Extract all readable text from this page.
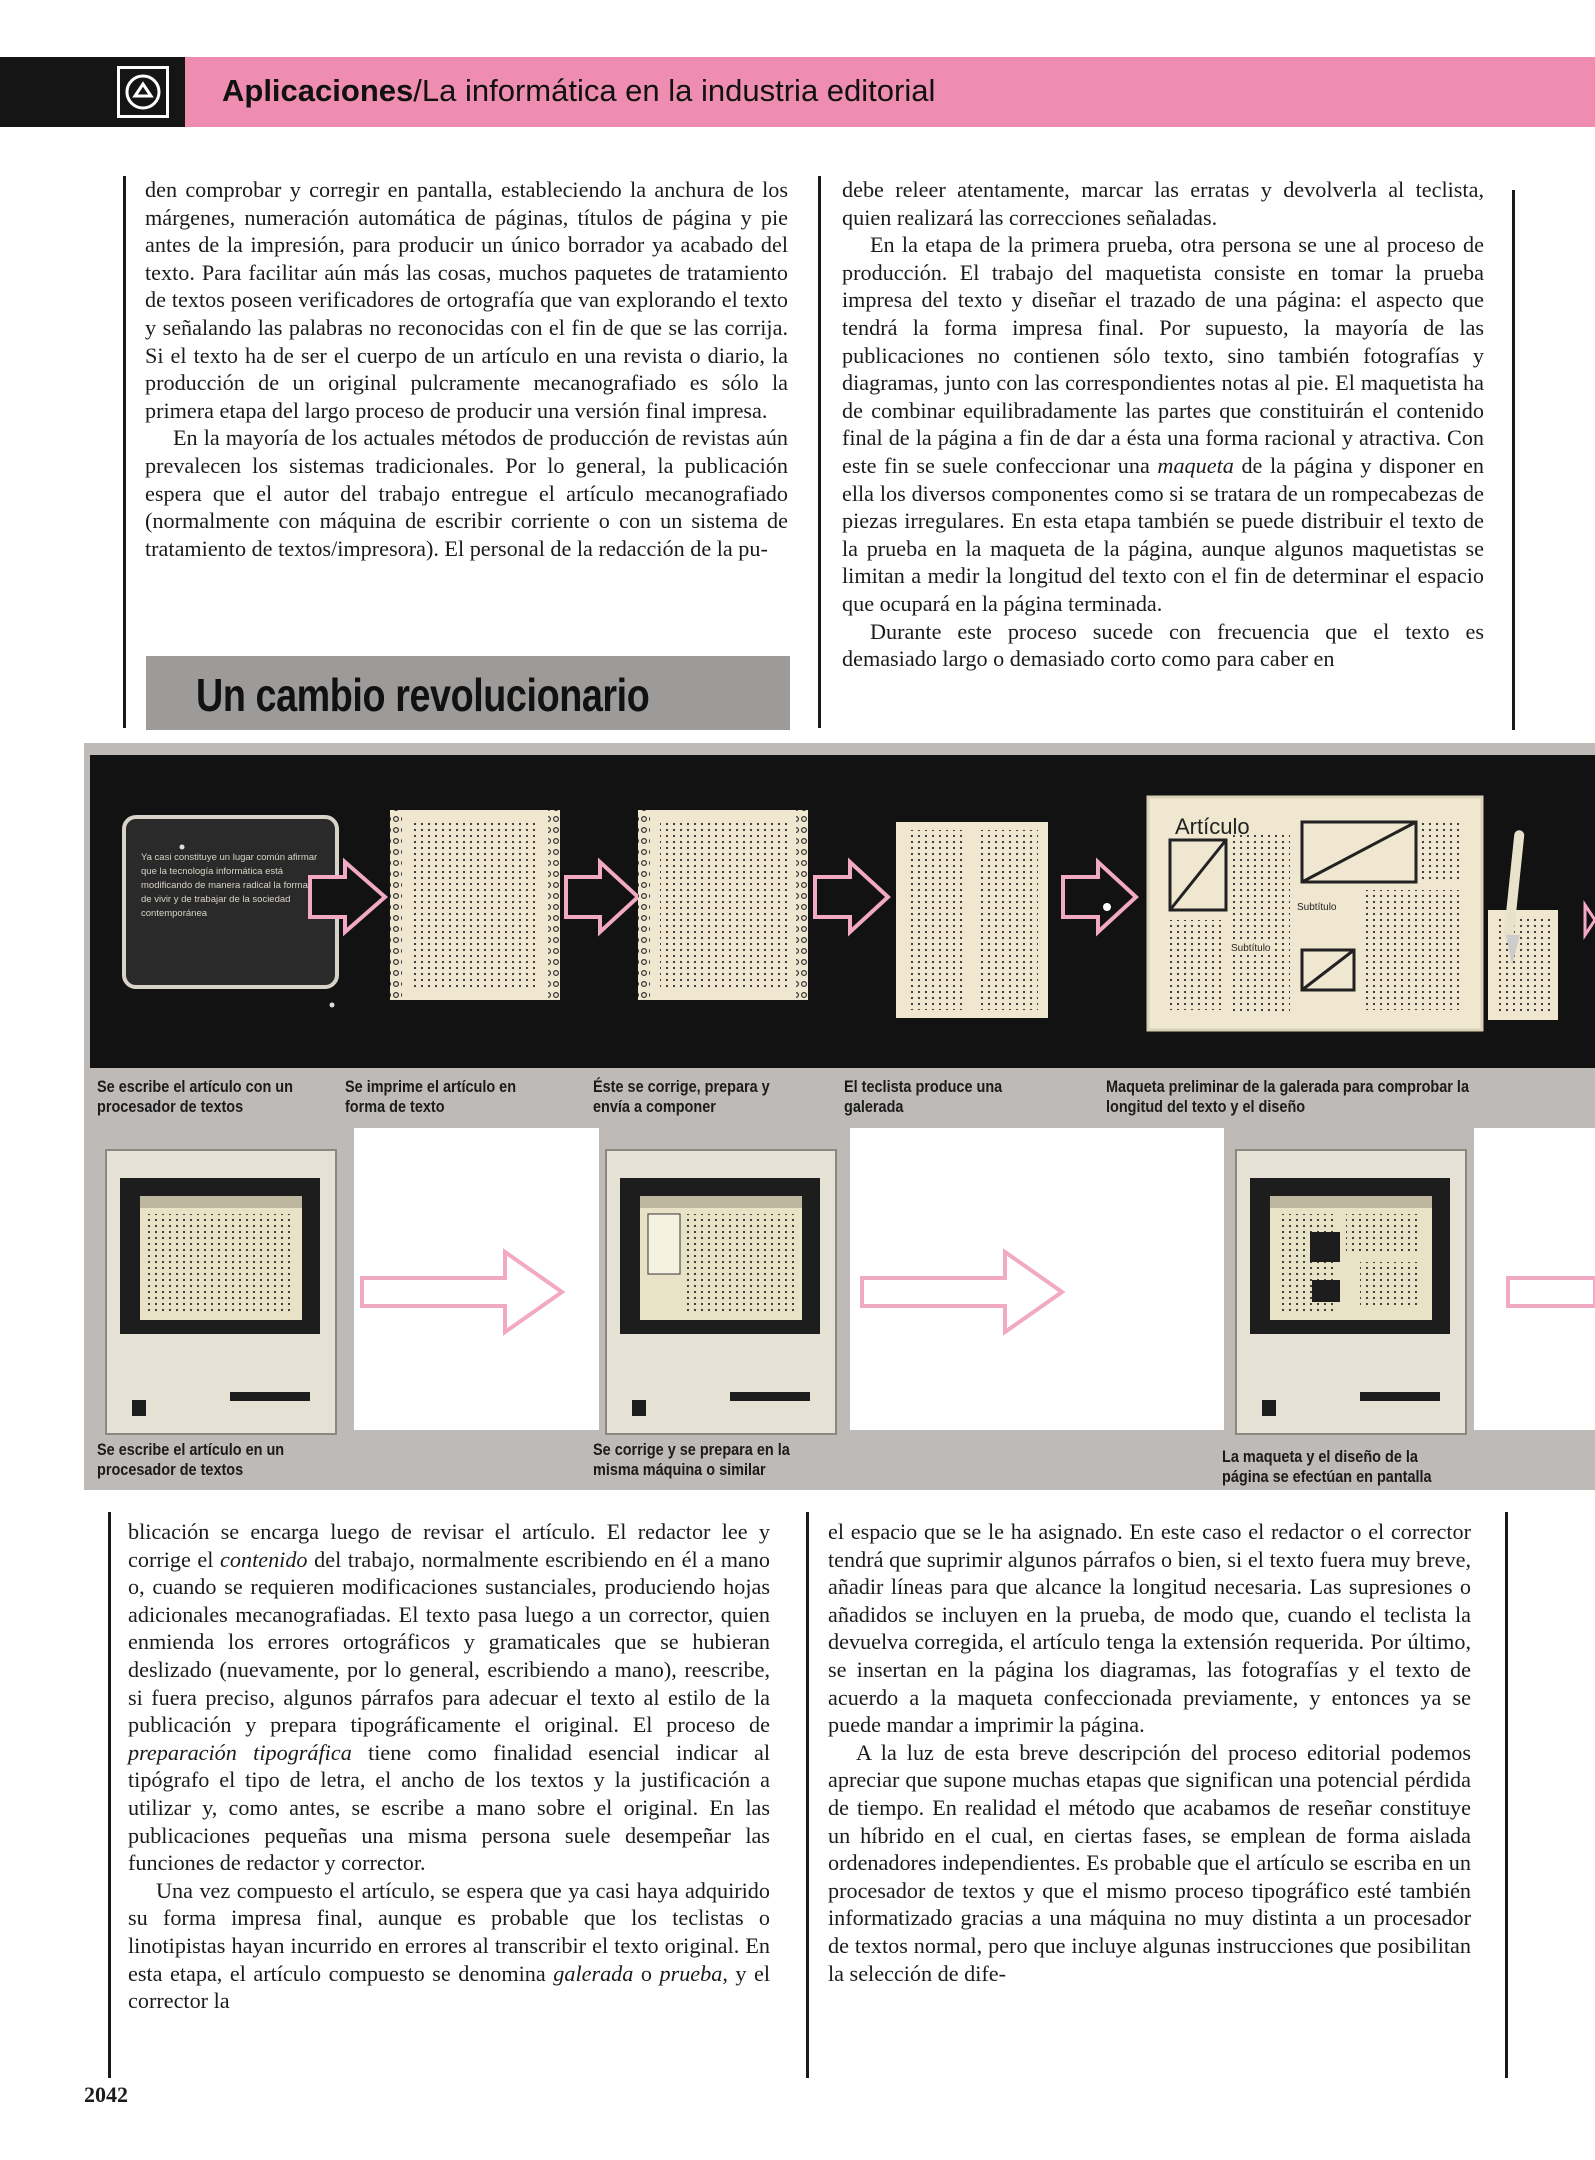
Aplicaciones/La informática en la industria editorial

den comprobar y corregir en pantalla, estableciendo la anchura de los márgenes, numeración automática de páginas, títulos de página y pie antes de la impresión, para producir un único borrador ya acabado del texto. Para facilitar aún más las cosas, muchos paquetes de tratamiento de textos poseen verificadores de ortografía que van explorando el texto y señalando las palabras no reconocidas con el fin de que se las corrija. Si el texto ha de ser el cuerpo de un artículo en una revista o diario, la producción de un original pulcramente mecanografiado es sólo la primera etapa del largo proceso de producir una versión final impresa.

En la mayoría de los actuales métodos de producción de revistas aún prevalecen los sistemas tradicionales. Por lo general, la publicación espera que el autor del trabajo entregue el artículo mecanografiado (normalmente con máquina de escribir corriente o con un sistema de tratamiento de textos/impresora). El personal de la redacción de la pu-

Un cambio revolucionario

debe releer atentamente, marcar las erratas y devolverla al teclista, quien realizará las correcciones señaladas.

En la etapa de la primera prueba, otra persona se une al proceso de producción. El trabajo del maquetista consiste en tomar la prueba impresa del texto y diseñar el trazado de una página: el aspecto que tendrá la forma impresa final. Por supuesto, la mayoría de las publicaciones no contienen sólo texto, sino también fotografías y diagramas, junto con las correspondientes notas al pie. El maquetista ha de combinar equilibradamente las partes que constituirán el contenido final de la página a fin de dar a ésta una forma racional y atractiva. Con este fin se suele confeccionar una maqueta de la página y disponer en ella los diversos componentes como si se tratara de un rompecabezas de piezas irregulares. En esta etapa también se puede distribuir el texto de la prueba en la maqueta de la página, aunque algunos maquetistas se limitan a medir la longitud del texto con el fin de determinar el espacio que ocupará en la página terminada.

Durante este proceso sucede con frecuencia que el texto es demasiado largo o demasiado corto como para caber en

Ya casi constituye un lugar común afirmar que la tecnología informática está modificando de manera radical la forma de vivir y de trabajar de la sociedad contemporánea
Artículo
Subtítulo
Subtítulo
Se escribe el artículo con un procesador de textos
Se imprime el artículo en forma de texto
Éste se corrige, prepara y envía a componer
El teclista produce una galerada
Maqueta preliminar de la galerada para comprobar la longitud del texto y el diseño
Se escribe el artículo en un procesador de textos
Se corrige y se prepara en la misma máquina o similar
La maqueta y el diseño de la página se efectúan en pantalla

blicación se encarga luego de revisar el artículo. El redactor lee y corrige el contenido del trabajo, normalmente escribiendo en él a mano o, cuando se requieren modificaciones sustanciales, produciendo hojas adicionales mecanografiadas. El texto pasa luego a un corrector, quien enmienda los errores ortográficos y gramaticales que se hubieran deslizado (nuevamente, por lo general, escribiendo a mano), reescribe, si fuera preciso, algunos párrafos para adecuar el texto al estilo de la publicación y prepara tipográficamente el original. El proceso de preparación tipográfica tiene como finalidad esencial indicar al tipógrafo el tipo de letra, el ancho de los textos y la justificación a utilizar y, como antes, se escribe a mano sobre el original. En las publicaciones pequeñas una misma persona suele desempeñar las funciones de redactor y corrector.

Una vez compuesto el artículo, se espera que ya casi haya adquirido su forma impresa final, aunque es probable que los teclistas o linotipistas hayan incurrido en errores al transcribir el texto original. En esta etapa, el artículo compuesto se denomina galerada o prueba, y el corrector la

el espacio que se le ha asignado. En este caso el redactor o el corrector tendrá que suprimir algunos párrafos o bien, si el texto fuera muy breve, añadir líneas para que alcance la longitud necesaria. Las supresiones o añadidos se incluyen en la prueba, de modo que, cuando el teclista la devuelva corregida, el artículo tenga la extensión requerida. Por último, se insertan en la página los diagramas, las fotografías y el texto de acuerdo a la maqueta confeccionada previamente, y entonces ya se puede mandar a imprimir la página.

A la luz de esta breve descripción del proceso editorial podemos apreciar que supone muchas etapas que significan una potencial pérdida de tiempo. En realidad el método que acabamos de reseñar constituye un híbrido en el cual, en ciertas fases, se emplean de forma aislada ordenadores independientes. Es probable que el artículo se escriba en un procesador de textos y que el mismo proceso tipográfico esté también informatizado gracias a una máquina no muy distinta a un procesador de textos normal, pero que incluye algunas instrucciones que posibilitan la selección de dife-

2042
